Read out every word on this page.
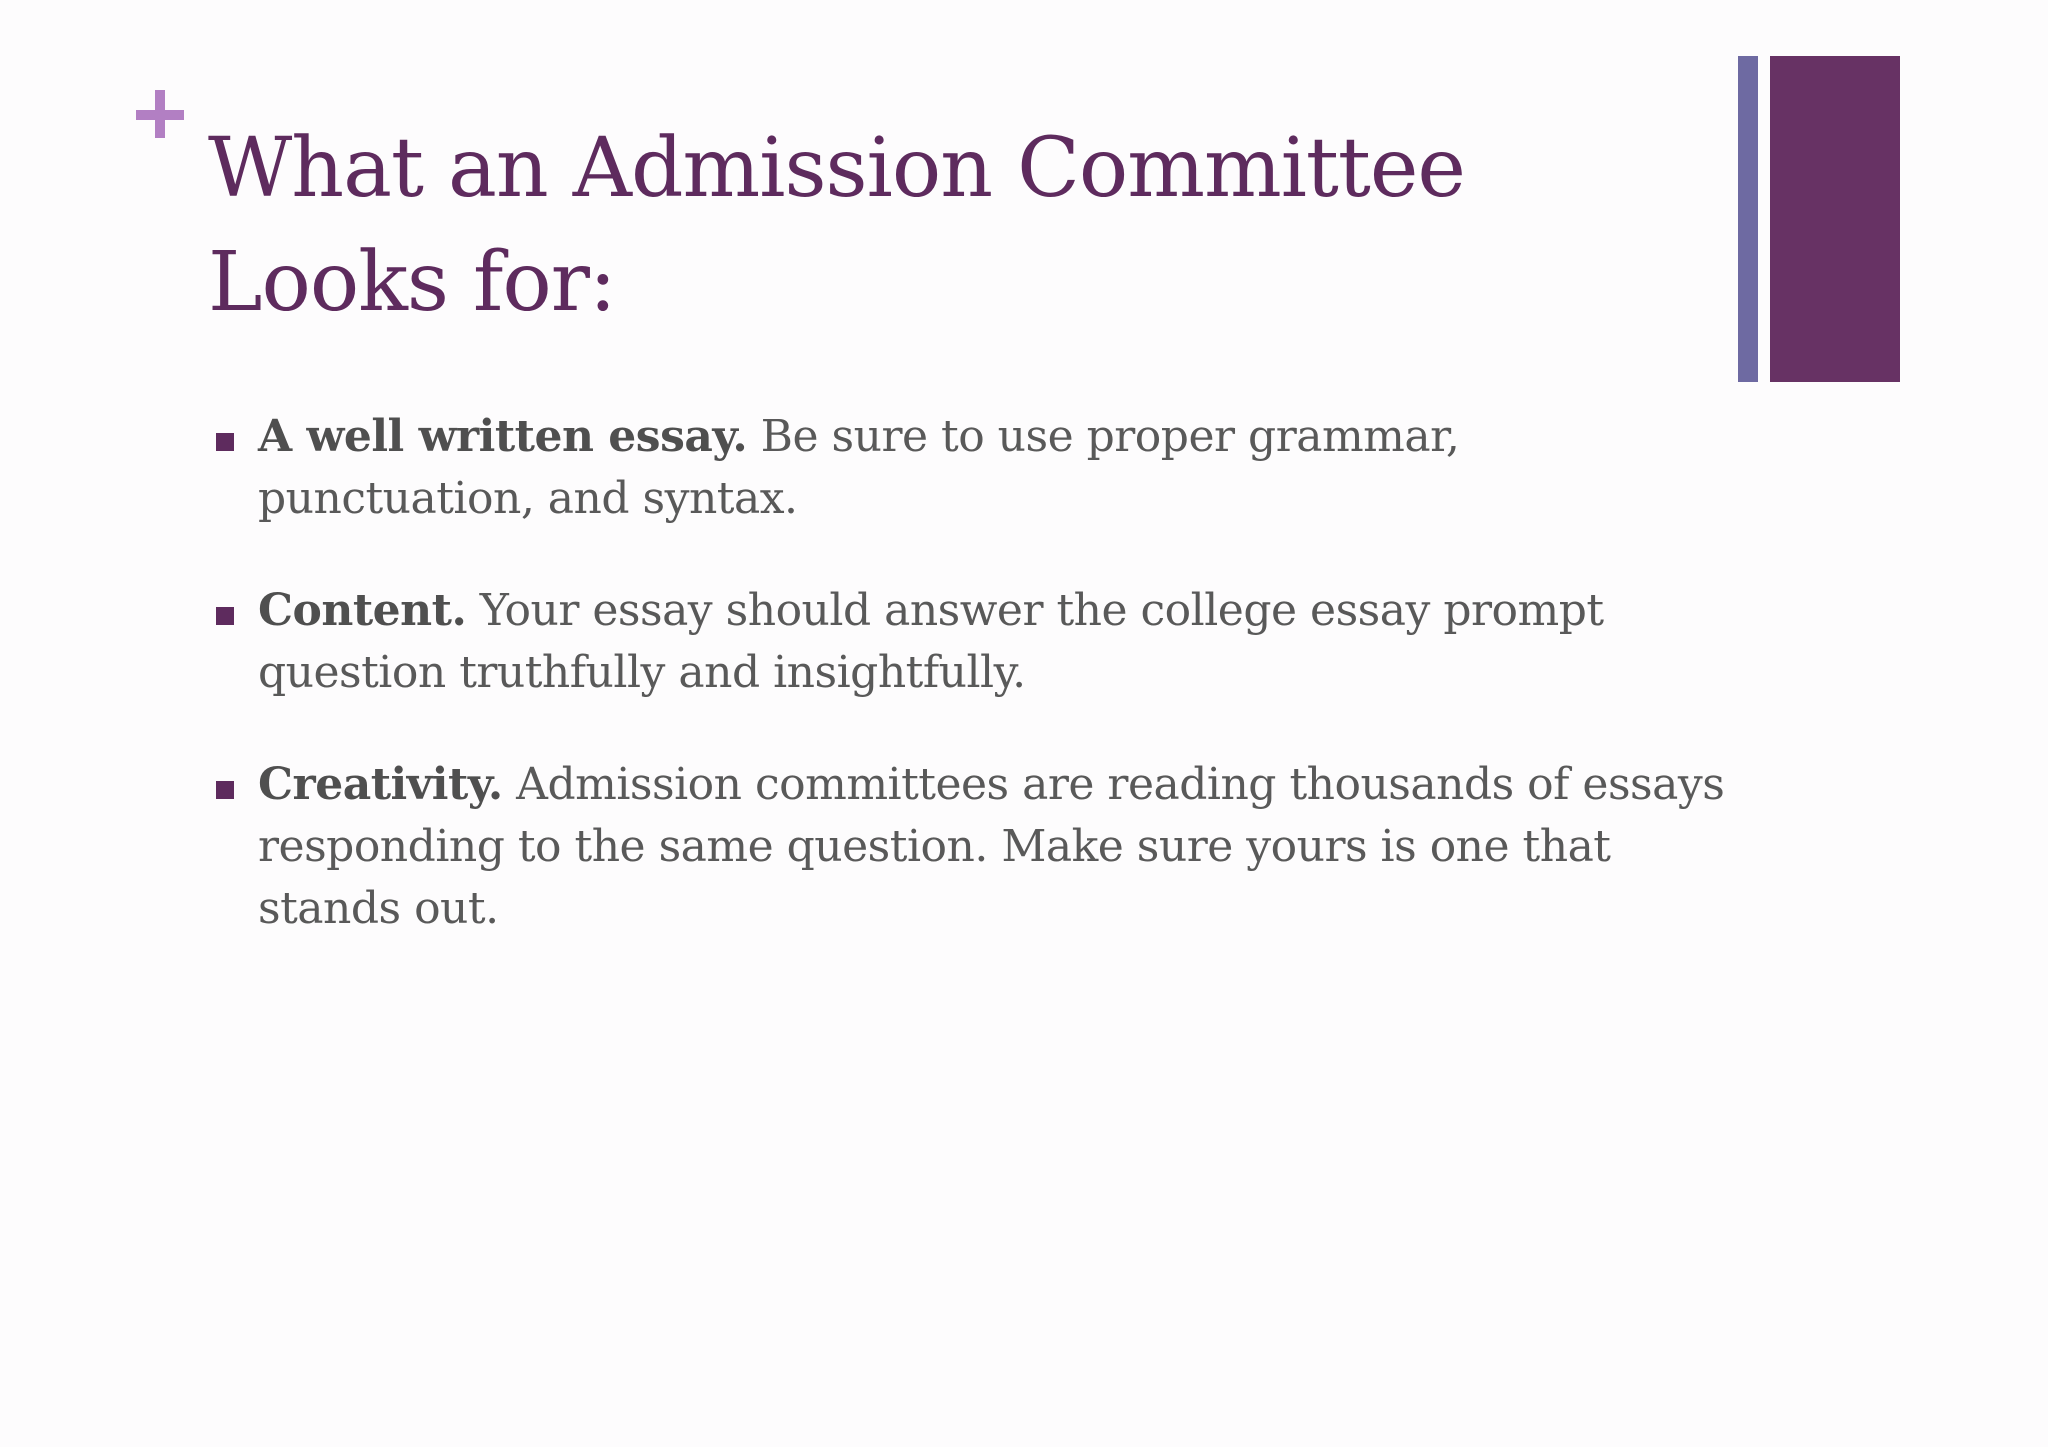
What an Admission Committee
Looks for:
A well written essay. Be sure to use proper grammar, punctuation, and syntax.
Content. Your essay should answer the college essay prompt question truthfully and insightfully.
Creativity. Admission committees are reading thousands of essays responding to the same question. Make sure yours is one that stands out.
